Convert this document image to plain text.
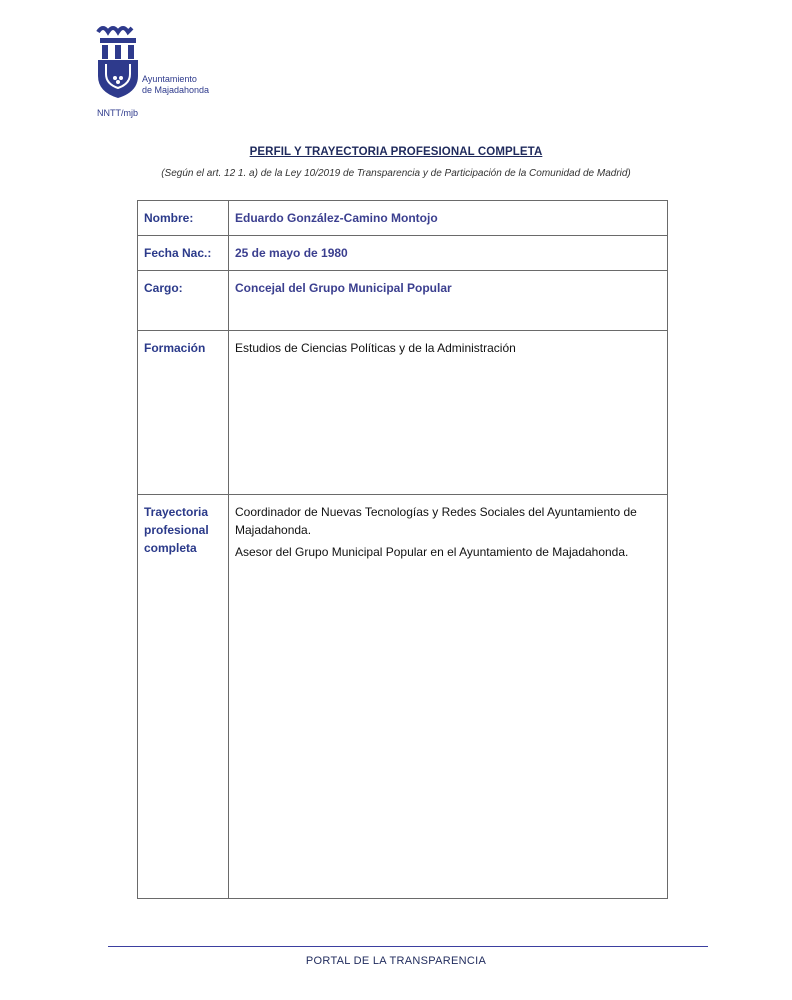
Ayuntamiento
de Majadahonda
NNTT/mjb
PERFIL Y TRAYECTORIA PROFESIONAL COMPLETA
(Según el art. 12 1. a) de la Ley 10/2019 de Transparencia y de Participación de la Comunidad de Madrid)
Nombre:	Eduardo González-Camino Montojo
Fecha Nac.:	25 de mayo de 1980
Cargo:	Concejal del Grupo Municipal Popular
Formación	Estudios de Ciencias Políticas y de la Administración
Trayectoria profesional completa	Coordinador de Nuevas Tecnologías y Redes Sociales del Ayuntamiento de Majadahonda.

Asesor del Grupo Municipal Popular en el Ayuntamiento de Majadahonda.

PORTAL DE LA TRANSPARENCIA
